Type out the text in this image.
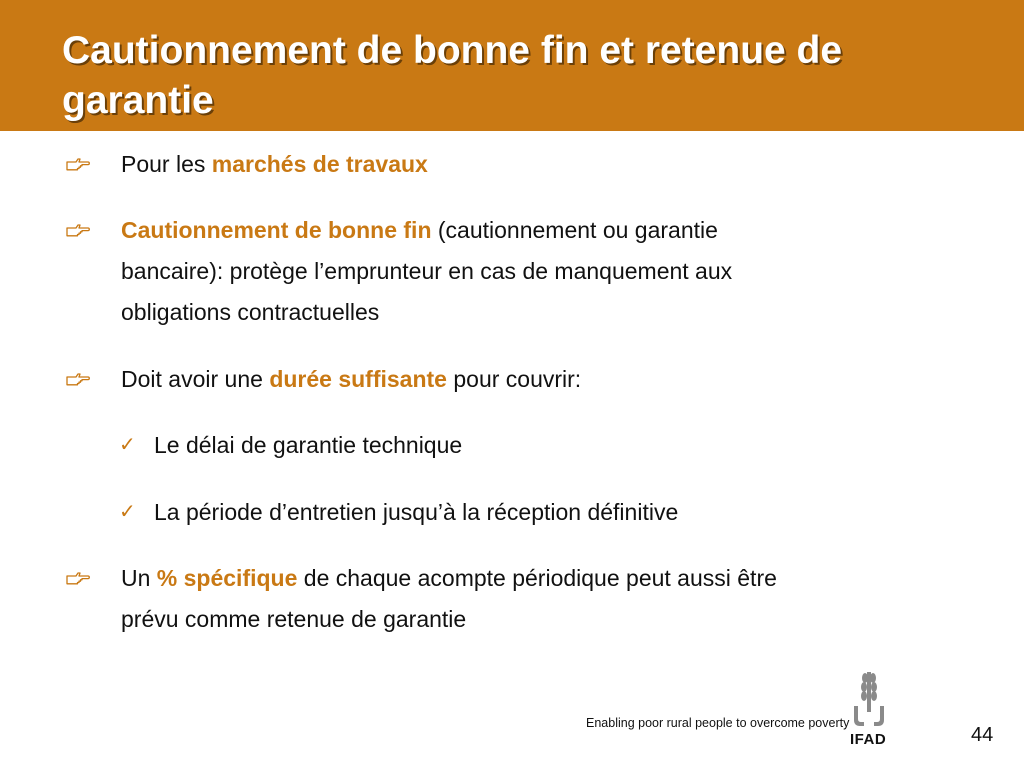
Cautionnement de bonne fin et retenue de garantie
Pour les marchés de travaux
Cautionnement de bonne fin (cautionnement ou garantie
bancaire): protège l’emprunteur en cas de manquement aux
obligations contractuelles
Doit avoir une durée suffisante pour couvrir:
✓ Le délai de garantie technique
✓ La période d’entretien jusqu’à la réception définitive
Un % spécifique de chaque acompte périodique peut aussi être
prévu comme retenue de garantie
Enabling poor rural people to overcome poverty
IFAD	44
